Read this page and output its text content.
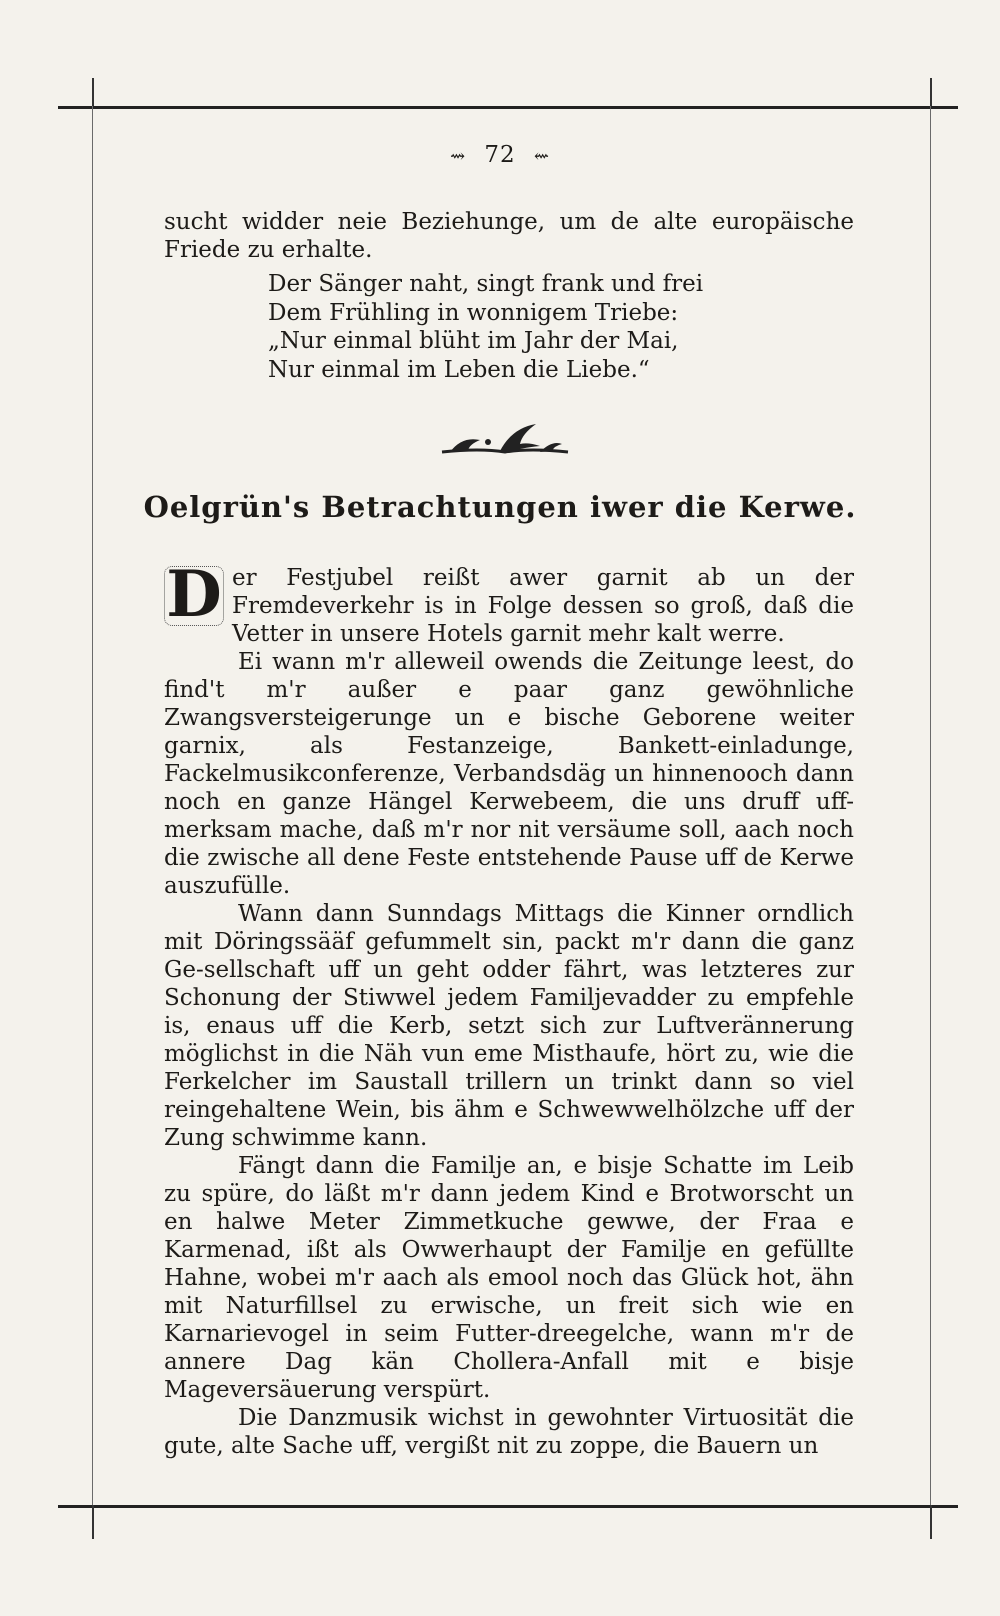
⇝ 72 ⇜
sucht widder neie Beziehunge, um de alte europäische Friede zu erhalte.
Der Sänger naht, singt frank und frei
Dem Frühling in wonnigem Triebe:
„Nur einmal blüht im Jahr der Mai,
Nur einmal im Leben die Liebe.“
Oelgrün's Betrachtungen iwer die Kerwe.

D er Festjubel reißt awer garnit ab un der Fremdeverkehr is in Folge dessen so groß, daß die Vetter in unsere Hotels garnit mehr kalt werre.

Ei wann m'r alleweil owends die Zeitunge leest, do find't m'r außer e paar ganz gewöhnliche Zwangsversteigerunge un e bische Geborene weiter garnix, als Festanzeige, Bankett-einladunge, Fackelmusikconferenze, Verbandsdäg un hinnenooch dann noch en ganze Hängel Kerwebeem, die uns druff uff-merksam mache, daß m'r nor nit versäume soll, aach noch die zwische all dene Feste entstehende Pause uff de Kerwe auszufülle.

Wann dann Sunndags Mittags die Kinner orndlich mit Döringssääf gefummelt sin, packt m'r dann die ganz Ge-sellschaft uff un geht odder fährt, was letzteres zur Schonung der Stiwwel jedem Familjevadder zu empfehle is, enaus uff die Kerb, setzt sich zur Luftverännerung möglichst in die Näh vun eme Misthaufe, hört zu, wie die Ferkelcher im Saustall trillern un trinkt dann so viel reingehaltene Wein, bis ähm e Schwewwelhölzche uff der Zung schwimme kann.

Fängt dann die Familje an, e bisje Schatte im Leib zu spüre, do läßt m'r dann jedem Kind e Brotworscht un en halwe Meter Zimmetkuche gewwe, der Fraa e Karmenad, ißt als Owwerhaupt der Familje en gefüllte Hahne, wobei m'r aach als emool noch das Glück hot, ähn mit Naturfillsel zu erwische, un freit sich wie en Karnarievogel in seim Futter-dreegelche, wann m'r de annere Dag kän Chollera-Anfall mit e bisje Mageversäuerung verspürt.

Die Danzmusik wichst in gewohnter Virtuosität die gute, alte Sache uff, vergißt nit zu zoppe, die Bauern un
